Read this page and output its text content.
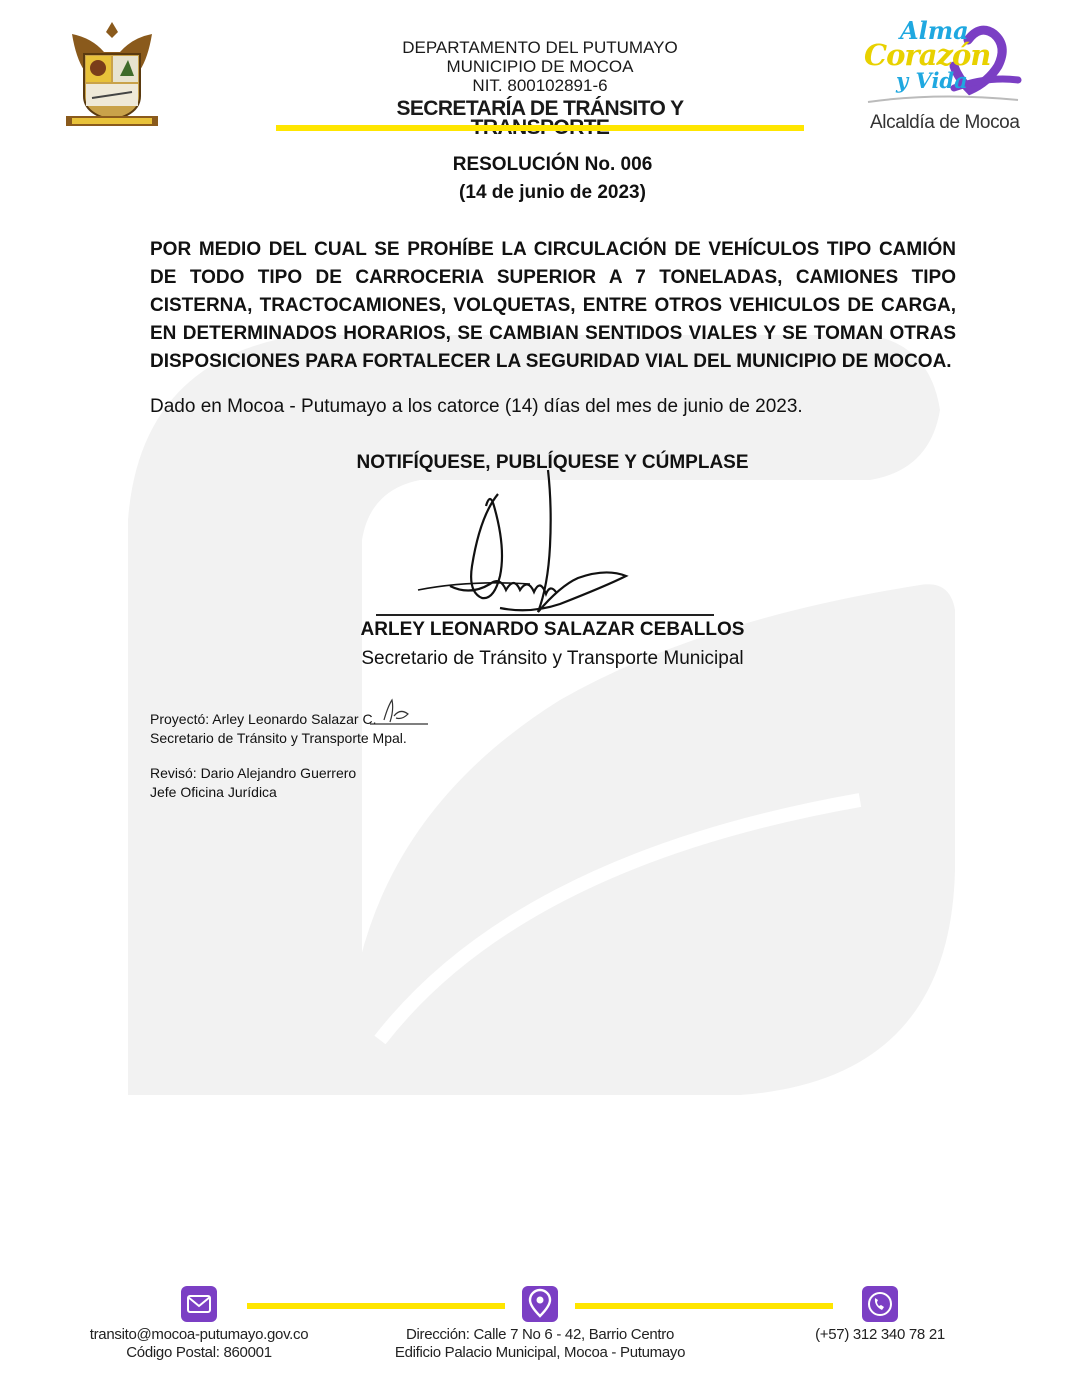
DEPARTAMENTO DEL PUTUMAYO
MUNICIPIO DE MOCOA
NIT. 800102891-6
SECRETARÍA DE TRÁNSITO Y
Alma
Corazón
y Vida
Alcaldía de Mocoa
RESOLUCIÓN No. 006
(14 de junio de 2023)
POR MEDIO DEL CUAL SE PROHÍBE LA CIRCULACIÓN DE VEHÍCULOS TIPO CAMIÓN DE TODO TIPO DE CARROCERIA SUPERIOR A 7 TONELADAS, CAMIONES TIPO CISTERNA, TRACTOCAMIONES, VOLQUETAS, ENTRE OTROS VEHICULOS DE CARGA, EN DETERMINADOS HORARIOS, SE CAMBIAN SENTIDOS VIALES Y SE TOMAN OTRAS DISPOSICIONES PARA FORTALECER LA SEGURIDAD VIAL DEL MUNICIPIO DE MOCOA.
Dado en Mocoa - Putumayo a los catorce (14) días del mes de junio de 2023.
NOTIFÍQUESE, PUBLÍQUESE Y CÚMPLASE
ARLEY LEONARDO SALAZAR CEBALLOS
Secretario de Tránsito y Transporte Municipal
Proyectó: Arley Leonardo Salazar C.
Secretario de Tránsito y Transporte Mpal.
Revisó: Dario Alejandro Guerrero
Jefe Oficina Jurídica
transito@mocoa-putumayo.gov.co
Código Postal: 860001
Dirección: Calle 7 No 6 - 42, Barrio Centro
Edificio Palacio Municipal, Mocoa - Putumayo
(+57) 312 340 78 21
